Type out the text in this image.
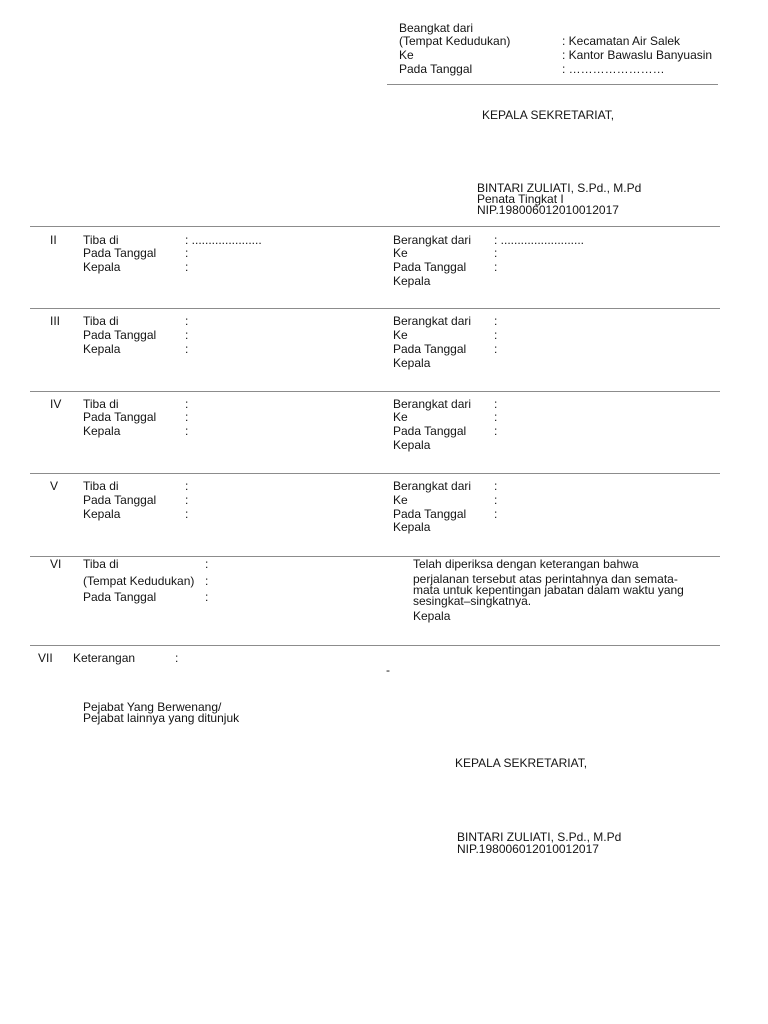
Beangkat dari
(Tempat Kedudukan)	: Kecamatan Air Salek
Ke	: Kantor Bawaslu Banyuasin
Pada Tanggal	: ……………………
KEPALA SEKRETARIAT,
BINTARI ZULIATI, S.Pd., M.Pd
Penata Tingkat I
NIP.198006012010012017
II Tiba di	: .....................
Pada Tanggal :
Kepala	:
Berangkat dari : .........................
Ke	:
Pada Tanggal :
Kepala
III Tiba di	:
Pada Tanggal :
Kepala	:
Berangkat dari :
Ke	:
Pada Tanggal :
Kepala
IV Tiba di	:
Pada Tanggal :
Kepala	:
Berangkat dari :
Ke	:
Pada Tanggal :
Kepala
V Tiba di	:
Pada Tanggal :
Kepala	:
Berangkat dari :
Ke	:
Pada Tanggal :
Kepala
VI Tiba di	:
(Tempat Kedudukan) :
Pada Tanggal	:
Telah diperiksa dengan keterangan bahwa
perjalanan tersebut atas perintahnya dan semata-
mata untuk kepentingan jabatan dalam waktu yang
sesingkat–singkatnya.
Kepala
VII Keterangan	:
-
Pejabat Yang Berwenang/
Pejabat lainnya yang ditunjuk
KEPALA SEKRETARIAT,
BINTARI ZULIATI, S.Pd., M.Pd
NIP.198006012010012017
